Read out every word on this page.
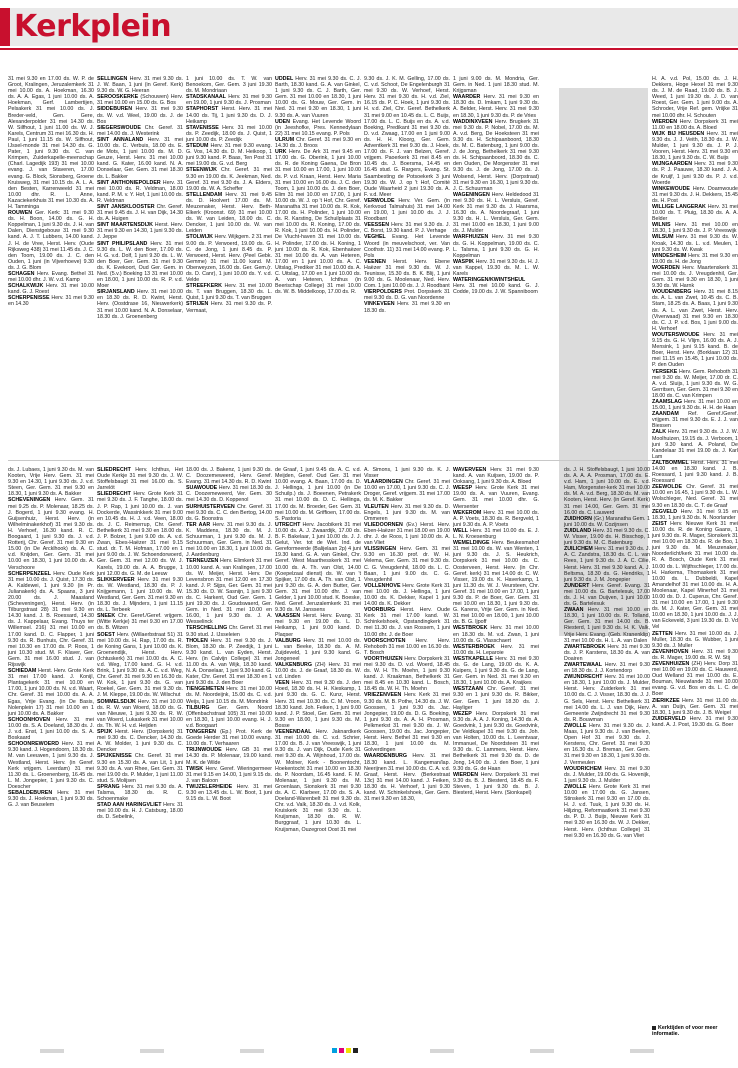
Kerkplein

31 mei 9.30 en 17.00 ds. W. P. de Groot, Kralingen, Jeruzalemkerk 31 mei 10.00 ds. A. Hoekman, 16.30 ds. A. A. Egas, 1 juni 10.00 ds. A. Hoekman, Gerf. Lambertijen, Pelsakerk 31 mei 10.00 ds. J. Breder-veld, Gen. Gere, Alexanderpolder 31 mei 14.30 ds. W. Silfhout, 1 juni 11.00 ds. W. J. Karels, Centrum 31 mei 16.30 ds. H. Paul, 1 juni 11.15 ds. W. Silfhout, IJssel-monde 31 mei 14.30 ds. G. Pater, 1 juni 9.30 ds. C. van Krimpen, Zuiderkapelle-meenschap (Charl. Lagedijk 193) 31 mei 10.00 evang. J. van Staveren, 17.00 evang. G. Block, Sionsberg, Groene Kruisweg, 31 mei 10.15 ds. A. L. A. den Besten, Karrenweeld 31 mei 10.00 dhr. R. L. Anne, Kazaciekerkhuis 31 mei 10.30 ds. A. H. Tamminga

ROUWEN Ger. Kerk: 31 mei 9.30 ds. H. Boon, 14.00 ds. G. H. Koppelman, 1 juni 9.30 ds. J. H. van Dalen, Dienstgebouw 31 mei 9.30 kand. A. J. T. Lubbers, 14.00 kand. J. H. de Vree, Herst. Herv. (Oude Rijksweg 438) 31 mei 11.45 ds. J. C. den Toom, 19.00 ds. J. C. den Ouden, 1 juni (in Vijverhoeve) 9.30 ds. J. G. Blom

SCHAGEN Herv. Evang. Bethel 31 mei 10.00 dhr. J. W. v.d. Kamp

SCHALKWIJK Herv. 31 mei 10.00 kand. G. J. Roest

SCHERPENISSE Herv. 31 mei 9.30 en 14.30

SELLINGEN Herv. 31 mei 9.30 ds. J. W. Baan, 1 juni (in Geref. Kerk) 9.30 ds. W. G. Heeran

SEROOSKERKE (Schouwen) Herv. 31 mei 10.00 en 15.00 ds. G. Bos

SIDDEBUREN Herv. 31 mei 9.30 ds. W. v.d. Weel, 19.00 ds. J. de Bos

SIEGERSWOUDE Chr. Geref. 31 mei 14.00 ds. J. Westerink

SINT ANNALAND Herv. 31 mei 10.00 ds. C. Verbuis, 18.00 ds. E. de Mots, 1 juni 10.00 ds. M. D. Geuze, Herst. Herv. 31 mei 10.00 kand. G. Kater, 16.00 kand. N. A. Donselaar, Ger. Gem. 31 mei 18.30 ds. L. Bakker

SINT ANTHONIEPOLDER Herv. 31 mei 10.00 ds. R. Veldman, 18.00 kand. P. M. v. Y. Hof, 1 juni 10.00 ds. R. Veldman

SINT JANSKLOOSTER Chr. Geref. 31 mei 9.45 ds. J. H. van Dijk, 14.30 ds. A. Huigen

SINT MAARTENSDIJK Herst. Herv. 31 mei 9.30 en 14.30, 1 juni 9.30 ds. J. Jeppe

SINT PHILIPSLAND Herv. 31 mei 9.30 ds. L. W. den Boer, 17.00 ds. H. G. v.d. Dolf, 1 juni 9.30 ds. L. W. den Boer, Ger. Gem. 31 mei 9.30 ds. K. Evekoort, Oud Ger. Gem. in Ned. (5.v.) Boeking 13 31 mei 10.00 en 18.00, 1 juni 10.00 ds. R. P. v.d. Moer

SIRJANSLAND Herv. 31 mei 10.00 en 18.30 ds. R. D. Kwint, Herst. Herv. (Oostdrase 16, Nieuwerkerk) 31 mei 10.00 kand. N. A. Donselaar, 18.30 ds. J. Groenenberg

1 juni 10.00 ds. T. W. van Benoekom, Ger. Gem. 3 juni 19.30 ds. M. Mondriaan

STADSKANAAL Herv. 31 mei 9.30 en 19.00, 1 juni 9.30 ds. J. Prosman

STAPHORST Herst. Herv. 31 mei 14.00 ds. Tij, 1 juni 9.30 ds. D. J. Heikamp

STAVENISSE Herv. 31 mei 10.00 ds. P. Zeedijk, 18.00 ds. J. Quist, 1 juni 10.00 ds. P. Zeedijk

STEDUM Herv. 31 mei 9.30 evang. G. Vos, 14.30 ds. D. M. Heikoop, 1 juni 9.30 kand. P. Baas, Ten Post 31 mei 19.00 ds. G. v.d. Berg

STEENWIJK Chr. Geref. 31 mei 9.30 en 19.00 ds. K. Jeekman, Ned. Geref. 31 mei 9.30 ds. J. A. Elders, 19.00 ds. W. A. Scheffer

STELLENDAM Herv. 31 mei 9.45 ds. D. Hoolvert 17.00 ds. M. Meuzenaker, Herst. Herv. Beth-Elkerk (Kroonst. 69) 31 mei 10.00 ds. W. van Leiden, 18.00 ds. C. Dencker, 1 juni 10.00 ds. W. van Leiden

STOLWIJK Herv. Wijkgem. 2 31 mei 9.00 ds. P. Verwoerd, 19.00 ds. G. C. de Jong, 1 juni 8.45 ds. P. Verwoerd, Herst. Herv. (Peel Gebk. Gemme) 31 mei 11.00 kand. M. Oberweyzen, 16.00 ds. Ger. Gem.(r. ds. D. Canr), 1 juni 10.00 ds. Y. v.d. Velde

STREEFKERK Herv. 31 mei 10.00 ds. T. van Bruggen, 18.30 ds. L. Quist, 1 juni 9.30 ds. T. van Bruggen

STRIJEN Herv. 31 mei 9.30 ds. P. Vermaat,

UDDEL Herv. 31 mei 9.30 ds. C. J. Barth, 18.30 kand. G. A. van Ginkel, 1 juni 9.30 ds. C. J. Barth, Ger. Gem. 31 mei 10.00 en 18.30, 1 juni 10.00 ds. G. Mouw, Ger. Gem. in Ned. 31 mei 9.30 en 18.30, 1 juni 9.30 ds. A. van Vuuren

UDEN Evang. Het Levende Woord (in Jeeshofke, Pres. Kennedylaan 22) 31 mei 10.15 evang. P. Pols

ULRUM Chr. Geref. 31 mei 9.30 en 14.30 ds. J. Broos

URK Herv. De Ark 31 mei 9.45 en 17.00 ds. G. Oberink, 1 juni 10.00 ds. R. de Koning Gaena, De Bron 31 mei 10.00 en 17.00, 1 juni 10.00 ds. P. v.d. Kraan, Herst. Herv. Maria 31 mei 10.00 en 16.00 ds. J. C. den Toom, 1 juni 10.00 ds. J. den Boer, Elim 31 mei 10.00 en 17.00, 1 juni 10.00 ds. W. J. op 't Hof, Chr. Geref. Maranatha 31 mei 10.00 ds. R. Kok, 17.00 ds. H. Polinder, 1 juni 10.00 ds. R. Karsting, De Schuilplaats 31 mei 10.00 ds. R. Koning, 17.00 ds. R. Kok, 1 juni 10.00 ds. H. Polinder, De Vlucht-haven 31 mei 10.00 ds. H. Polinder, 17.00 ds. H. Koning, 1 juni 10.00 ds. R. Kok, Ebenhaëzer 31 mei 10.00 ds. A. van Heteren, 17.00 en 1 juni 10.00 ds. A. C. Uitslag, Prediker 31 mei 10.00 ds. A. C. Uitslag, 17.00 en 1 juni 10.00 ds. A. van Heteren, Ichthus (in Beerischap College) 31 mei 10.00 ds. W. B. Middelkoop, 17.00 ds. R.

9.30 ds. J. K. M. Gelling, 17.00 ds. C. v.d. Schoot, De Engelenburgh 31 mei 9.30 ds. W. Verhoef, Herst. Herv. 31 mei 9.30 ds. H. v.d. Ziel, 16.15 ds. P. C. Hoek, 1 juni 9.30 ds. H. v.d. Ziel, Chr. Geref. Bethelkerk 31 mei 9.00 en 10.45 ds. L. C. Buijs, 17.00 ds. L. C. Buijs en ds. A. v.d. Boeking, Predikant 31 mei 9.30 ds. D. v.d. Zwaag, 17.00 en 1 juni 9.00 ds. H. H. Kloorg, Ger. Gem. Adventkerk 31 mei 9.30 ds. J. Hoek, 17.00 ds. F. J. van Belzen, Geref. vrijgem. Paoerkerk 31 mei 8.45 en 10.45 ds. J. Boersma, 14.45 en 16.45 stud. G. Rargers, Evang. St. Saambesting de Potsoekerk 3 juni 19.30 ds. W. J. op 't Hof, Comité Oude Waarheid 2 juni 19.30 ds. A. F. v.d. Meer

VERWOLDE Herv. Ver. Gem. (in Kerkvoud Talmahuis) 31 mei 14.00 en 19.00, 1 juni 10.00 ds. J. J. Roodbant

VEESSEN Herv. 31 mei 9.30 ds. J. C. Borst, 19.30 kand. P. J. Verhage

VEGHEL Evang. Het Levende Woord (in meuvelschoot, ver. Van Coothstr. 11) 31 mei 14.00 evang. P. Pols

VEENEN Herst. Herv. Ebene Haëzer 31 mei 9.30 ds. W. J. Teunisse, 15.30 ds. B. K. Blij, 1 juni 9.00 ds. G. Moolenaar, Ned. Herv. Com. 1 juni 10.00 ds. J. J. Roodbant

VIERPOLDERS Prot. Dorpskerk 31 mei 9.30 ds. D. G. van Noordenne

VINKEVEEN Herv. 31 mei 9.30 en 18.30 ds.

1 juni 9.00 ds. M. Mondria, Ger. Gem. in Ned. 1 juni 18.30 stud. M. Krijgsman

WAARDER Herv. 31 mei 9.30 en 18.30 ds. D. Imkam, 1 juni 9.30 ds. A. Belder, Herst. Herv. 31 mei 9.30 en 18.30, 1 juni 9.30 ds. P. de Vries

WADDINXVEEN Herv. Brugkerk 31 mei 9.30 ds. P. Nobel, 17.00 ds. M. A. v.d. Berg, De Hoeksteen 31 mei 9.30 ds. H. Schipaanboord, 18.30 ds. M. C. Batenburg, 1 juni 9.00 ds. J. de Jong, Bethelkerk 31 mei 9.30 ds. H. Schipaanboord, 18.30 ds. C. den Ouden, De Morgenster 31 mei 9.30 ds. J. de Jong, 17.00 ds. J. Wolsend, Herst. Herv. (Dorpstraat) 31 mei 9.30 en 16.30, 1 juni 9.30 ds. J. C. Schuurman

WAGENINGEN Herv. Heldedood 31 mei 9.30 ds. H. L. Versluis, Geref. Kerk 31 mei 9.30 ds. J. Haarsma, 16.30 ds. A. Noordegraaf, 1 juni 9.30 ds. H. L. Versluis, Ger. Gem. 31 mei 10.00 en 18.30, 1 juni 9.00 ds. J. Mulder

WARFHUIZEN Herv. 31 mei 9.30 ds. G. H. Koppelman, 19.00 ds. C. L. Talsma, 1 juni 9.30 ds. G. H. Koppelman

WASPIK Herv. 31 mei 9.30 ds. H. J. van Kappel, 19.30 ds. M. L. W. Karels

WATERINGEN/KWINTSHEUL Herv. 31 mei 10.00 kand. G. J. Codde, 19.00 ds. J. W. Spanniboom

H. A. v.d. Pol, 15.00 ds. J. H. Dekkers, Hoge Hexel 31 mei 9.30 ds. J. M. de Raad, 19.00 ds. B. J. Weed, 1 juni 19.30 ds. J. D. van Roest, Ger. Gem. 1 juni 9.00 ds. A. Schroder, Vrije Ref. gem. Vriijke 31 mei 10.00 dhr. H. Schouten

WIERDEN Herv. Dorpskerk 31 mei 11.00 en 18.00 ds. A. Bloed

WIJK BIJ HEUSDEN Herv. 31 mei 9.30 ds. J. J. Veith, 18.30 ds. J. W. Mulder, 1 juni 9.30 ds. J. P. J. Vooren, Herst. Herv. 31 mei 9.30 en 18.30, 1 juni 9.30 ds. C. W. Buijs

WIJNGAARDEN Herv. 31 mei 9.30 ds. P. J. Paauwe, 18.30 kand. J. A. de Kruijf, 1 juni 9.30 ds. P. J. v.d. Woerde

WINKEWOUDE Herv. Doarnwoude 31 mei 9.30 ds. J. H. Dekkers, 15.45 ds. H. Post

WILLIGE LANGERAK Herv. 31 mei 10.00 ds. T. Pluig, 18.30 ds. A. A. Belder

WILNIS Herv. 31 mei 10.00 en 18.30, 1 juni 9.30 ds. J. P. Vreeswijk

WILSUM Herv. 31 mei 9.30 ds. W. Kroak, 14.30 ds. L. v.d. Meulen, 1 juni 9.30 ds. W. Kwak

WINDESHEIM Herv. 31 mei 9.30 en 19.00 ds. H. de Jong

WOERDEN Herv. Maartenskerk 31 mei 10.00 ds. J. Vreugdenhil, Ger. Gem. 31 mei 9.30 en 18.30, 1 juni 9.30 ds. W. Harnk

WOUDENBERG Herv. 31 mei 8.15 ds. A. L. van Zwet, 10.45 ds. C. B. Stam, 18.25 ds. A. Baas, 1 juni 9.30 ds. A. L. van Zwet, Herst. Herv. (Viverwaad) 31 mei 9.30 en 18.30 ds. C. J. P. v.d. Bos, 1 juni 9.00 ds. H. Verhoef

WOUTERSWOUDE Herv. 31 mei 9.15 ds. G. H. Vlijm, 16.00 ds. A. J. Mensink, 1 juni 9.15 kand. B. de Boer, Herst. Herv. (Borklaan 12) 31 mei 11.15 en 15.45, 1 juni 10.00 ds. P. den Ouden

YERSEKE Herv. Gem. Rehoboth 31 mei 9.30 ds. W. Meijer, 17.00 dr. C. A. v.d. Sluijs, 1 juni 9.30 ds. W. G. Gerritsen, Ger. Gem. 31 mei 9.30 en 18.00 ds. C. van Krimpen

ZAAMSLAG Herv. 31 mei 10.00 en 15.00, 1 juni 9.30 ds. H. H. de Haan

ZAANDAM Ref. Geref./Geref. vrijgem. 31 mei 9.30 ds. E. J. J. van Biessen

ZALK Herv. 31 mei 9.30 ds. J. J. W. Moolhuizen, 19.15 ds. J. Verboom, 1 juni 9.30 kand. A. Poland, De Kandelaar 31 mei 19.00 ds. J. Karl Lam

ZALTBOMMEL Herst. Herv. 31 mei 14.00 en 18.30 kand. J. B. Roessard, 1 juni 9.30 kand. J. B. Roessard

ZEEWOLDE Chr. Geref. 31 mei 10.00 en 16.45, 1 juni 9.30 ds. L. W. Wolschleger, Ned. Geref. 31 mei 9.30 en 18.30 ds. C. T. de Graaf

ZEGVELD Herv. 31 mei 9.15 en 18.30, 1 juni 9.30 ds. N. Noorlander

ZEIST Herv. Nieuwe Kerk 31 mei 10.00 ds. R. de Koning Gaans, 1 juni 9.30 ds. R. Mager, Sionskerk 31 mei 10.00 en 18.30 ds. R. de Boo, 1 juni 9.30 ds. M. Meuzenaker, Noorderlicht/kerk 31 mei 10.00 ds. R. A. Bosch, Oude Kerk 31 mei 10.00 ds. L. Wijthschleger, 17.00 ds. H. Harkema, Thomaskerk 31 mei 10.00 ds. L. Dubbeldi, Kapel Amandelhof 31 mei 10.00 ds. H. A. Moolenaar, Kapel Minerhof 31 mei 10.00 ds. D. J. Cuperus, Chr. Geref. 31 mei 10.00 en 17.00, 1 juni 9.30 ds. M. J. Kater, Ger. Gem. 31 mei 10.00 en 18.30, 1 juni 10.00 ds. J. J. van Eckeveld, 3 juni 19.30 ds. D. Vd Vel

ZETTEN Herv. 31 mei 10.00 ds. J. Muller, 18.30 ds. G. Wubber, 1 juni 9.30 ds. J. Muller

ZEVENHOVEN Herv. 31 mei 9.30 ds. R. Mager, 19.00 ds. R. W. Stij

ZEVENHUIZEN (ZH) Herv. Dorp 31 mei 10.00 en 19.00 ds. C. Hauwerd, Oud Welland 31 mei 10.00 ds. E. Bouman, Nieuwlande 31 mei 10.00 evang. G. v.d. Bos en ds. L. C. de Boer

ZIERIKZEE Herv. 31 mei 11.00 ds. A. van Duijn, Ger. Gem. 31 mei 18.30, 1 juni 9.30 ds. J. B. Weigel

ZUIDERVELD Herv. 31 mei 9.30 kand. A. J. Post, 19.30 ds. G. Boer

ds. J. Lubaes, 1 juni 9.30 ds. M. van Kooten, Vrije Herv. Gem. 31 mei 9.30 en 14.30, 1 juni 9.30 ds. J. v.d. Steen, Ger. Gem. 31 mei 9.30 en 18.30, 1 juni 9.30 ds. A. Bakker

SCHEVENINGEN Herv. Gem. 31 mei 9.25 ds. P. Molenaar, 18.25 ds. J. Bogerd, 1 juni 9.30 evang. H. Guijsenhuiz, Herst. Herv. (in Wilhelminakerkhof) 31 mei 9.30 ds. H. Verhoef, 16.30 kand. R. C. Boogaard, 1 juni 9.30 ds. J. v.d. Rotterij, Chr. Geref. 31 mei 9.30 en 15.00 (in De Arcklhook) ds. A. C. v.d. Knijden, Ger. Gem. 31 mei 10.00 en 18.30, 1 juni 10.00 ds. A. Verschoore

SCHERPENZEEL Herv. Oude Kerk 31 mei 10.00 ds. J. Quist, 17.30 ds. A. Kaldewei, 1 juni 9.30 (in Pr. Julianakerk) ds. A. Spaans, 3 juni 20.00 ds. J. Maasland (Scheveningen), Herst. Herv. (in Tilburgstraat 28) 31 mei 9.30 en 14.30 kand. J. B. Roessard, 14.30 ds. J. Kappelaar, Evang. Thuys ter Willemsel. 216) 31 mei 10.00 en 17.00 kand. D. C. Flapper, 1 juni 9.30 ds. R. Bunhuis, Chr. Geref. 31 mei 10.30 en 17.00 ds. P. Roos, 1 juni 10.30 stud. M. F. Klaver, Ger. Gem. 31 mei 16.00 stud. J. van Rijswijk

SCHIEDAM Herst. Herv. Grote Kerk 31 mei 17.00 kand. J. Konijl, Plantagekerk 31 mei 10.00 en 17.00, 1 juni 10.00 ds. N. v.d. Waart, Chr. Geref. 31 mei 10.00 ds. A. A. Egas, Vrije Evang. (in De Basis, Nolenplein 17) 31 mei 10.00 en 1 juni 10.00 ds. A. Bakker

SCHOONHOVEN Herv. 31 mei 10.00 ds. S. A. Doeland, 18.30 ds. J. J. v.d. Enst, 1 juni 10.00 ds. S. A. Boskaard

SCHOONREWOERD Herv. 31 mei 9.30 kand. J. Hogendoorn, 18.30 ds. M. van Leeuwen, 1 juni 9.30 ds. J. Westland, Herst. Herv. (in Geref. Kerk vrijgem. Leerdam) 31 mei 11.30 ds. L. Groenenberg, 16.45 ds. L. M. Jongepier, 1 juni 9.30 ds. C. Doescher

SEBALDEBUREN Herv. 31 mei 9.30 ds. J. Hoekman, 1 juni 9.30 ds. G. J. van Beuselem

SLIEDRECHT Herv. Ichthus, Het Oude Kerkje 31 mei 9.30 ds. J. W. Stoffelsbaugt 31 mei 16.00 ds. S. Jarrelöt

SLIEDRECHT Herv. Grote Kerk 31 mei 9.30 ds. J. F. Tanghe, 18.00 ds. J. P. Rap, 1 juni 10.00 ds. J. van Dockerde, Wassinkkerk 31 mei 9.00 en 10.45 ds. H. J. v.d. Veen, 18.00 ds. J. C. Reimerrup, Chr. Geref. Bethelkerk 31 mei 9.30 en 18.00 ds. J. P. Bolzer, 1 juni 9.00 ds. A. v.d. Zwan, Ebes-Haëzer 31 mei 9.15 stud. dr. T. M. Hofman, 17.00 en 1 juni 9.00 ds. J. W. Schoendorwoerd, Ger. Gem. 31 mei 12.00 ds. W. J. Karels, 19.00 ds. A. A. Brugge, 1 juni 12.00 ds. G. M. de Leeuw

SLIKKERVEER Herv. 31 mei 9.30 ds. W. Westland, 18.30 ds. P. J. Knijgemann, 1 juni 10.00 ds. W. Westland, Ger. Gem. 31 mei 9.30 en 18.30 ds. J. Mijnders, 1 juni 11.15 ds. L. Terbeek

SNEEK Chr. Geref./Geref. vrijgem. (Witte Kerkje) 31 mei 9.30 en 17.00 ds. B. Witzen

SOEST Herv. (Willaerbstraat 51) 31 mei 10.00 ds. H. Rap, 17.00 ds. R. de Koning Gans, 1 juni 10.00 ds. K. Groenendijk, Herst. Herv. (Ichtuskerk) 31 mei 10.00 ds. A. C. v.d. Weg, 17.00 kand. G. H. v.d. Brink, 1 juni 9.30 ds. A. C. v.d. Weg, Chr. Geref. 31 mei 9.30 en 16.30 ds. W. Kok, 1 juni 9.30 ds. G. van Roekel, Ger. Gem. 31 mei 9.30 ds. J. M. Kleppe, 19.00 ds. W. Wilschut

SOMMELSDIJK Herv. 31 mei 10.00 ds. R. W. van Woerd, 18.00 ds. G. van Nieuwe, 1 juni 9.30 ds. R. W. van Woerd, Lukaskerk 31 mei 10.00 ds. Th. W. H. v.d. Heijden

SPIJK Herst. Herv. (Dorpskerk) 31 mei 9.30 ds. C. Dencker, 14.30 ds. A. W. Molder, 1 juni 9.30 ds. C. Dencker

SPIJKENISSE Chr. Geref. 31 mei 9.30 en 15.30 ds. A. van Lit, 1 juni 9.30 ds. A. van Rhee, Ger. Gem. 31 mei 19.00 ds. P. Mulder, 1 juni 11.00 stud. S. Molijsen

SPRANG Herv. 31 mei 9.30 ds. A. Talsma, 18.30 ds. R. C. Schoenmake

STAD AAN HARINGVLIET Herv. 31 mei 10.00 ds. H. J. Catsburg, 18.00 ds. D. Sebelink,

18.00 ds. J. Bakenz, 1 juni 9.30 ds. C. Doozemeweerd, Herv. Geref. Evang. 31 mei 14.30 ds. R. D. Kwint

SUAWOUDE Herv. 31 mei 18.30 ds. C. Doozemeweerd, Ver. Gem. 30 mei 14.30 ds. D. Koppenol

SURHUISTERVEEN Chr. Geref. 31 mei 9.30 ds. C. C. den Bertog, 14.00 ds. G. Boonstra

TER AAR Herv. 31 mei 9.30 ds. J. K. Maddens, 18.30 ds. M. J. Schuurman, 1 juni 9.30 ds. M. J. Schuurman, Ger. Gem. in Ned. 31 mei 10.00 en 18.30, 1 juni 10.00 ds. J. Aardenburg

TERNEUZEN Herv. Elimkerk 31 mei 10.00 kand. A. van Kralingen, 17.00 ds. W. Meijer, Herst. Herv. De Levensbron 31 mei 12.00 en 17.30 kand. J. P. Sijps, Ger. Gem. 31 mei 15.30 ds. D. W. Sasnijn, 1 juni 9.30 ds. C. Harkent, Oud Ger. Gem. 1 juni 19.30 ds. J. Goudswaerd, Ger. Gem. in Ned. 31 mei 10.00 en 16.00, 1 juni 9.30 ds. J. A. Wesselinck

TERSCHELLING Chr. Geref. 31 mei 9.30 stud. J. IJsseleien

THOLEN Herv. 31 mei 9.30 ds. J. Blom, 18.30 ds. P. Zeedijk, 1 juni 9.30 kand. L. van Eyden, Herst. Herv. (in Calvijn College) 31 mei 11.00 ds. A. van Wijk, 18.30 kand. N. A. Donselaar, 1 juni 9.30 kand. G. Kater, Chr. Geref. 31 mei 18.30 en 1 juni 9.30 ds. J. den Boer

TIENGEMETEN Herv. 31 mei 10.00 ds. M. Noordeijnk, 15.00 ds. C. v.d. Weijs, 1 juni 10.15 ds. M. Mondrink

TILBURG Ger. Gem. Noord (Offenbachstraat 105) 31 mei 10.00 en 18.30, 1 juni 10.00 evang. H. J. v.d. Boogaart

TONGEREN (Ep.) Prot. Kerk de Goede Herder 31 mei 10.00 evang. 10.00 ds. T. Verhaaren

TRIJNWOUDE Herv. GB 31 mei 14.30 ds. P. Molenaar, 19.00 kand. M. K. de Wilde

TWISK Herv. Geref. Wieringermeer 31 mei 9.15 en 14.00, 1 juni 9.15 ds. J. van Baloon

TWIJZELERHEIDE Herv. 31 mei 9.30 en 13.45 ds. L. W. Boot, 1 juni 9.15 ds. L. W. Boot

de Graaf, 1 juni 9.45 ds. A. C. v.d. Meijden, Geref. Oud Ger. 31 mei 10.00 evang. A. Baan, 17.00 ds. D. J. Hellinga, 1 juni 10.00 (in De Schuilp.) ds. J. Boeenen, Petrakerk 31 mei 10.00 ds. D. C. Hellinga, 17.00 ds. M. Broeder, Ger. Gem. 31 mei 10.00 ds. M. Griffioen, 17.00 ds. S. Pastoria

UTRECHT Herv. Jacobikerk 31 mei 10.00 ds. A. J. Zwaardijk, 17.00 ds. B. F. Bakelaar, 1 juni 10.00 ds. J. J. Gelut, Ver. tot de Wet. Ind. de Gereformeerde (Balijelaan 2p) 4 juni 19.30 kand. G. A. van Ginkel, Chr. Geref. West Maarthesskerk 31 mei 10.00 ds. A. Th. van Olst, 14.00 (Koepelzaal dienst) ds. W. van 't Spijker, 17.00 ds. A. Th. van Olst, 1 juni 9.30 ds. G. A. den Butter, Ger. Gem. 31 mei 10.00 dhr. J. van Gelder, 1 juni 10.00 stud. K. Boeske, Ned. Geref. Jeruzalemkerk 31 mei 9.30 ds. M. Janssens

VAASSEN Herst. Herv. Evang. 31 mei 9.30 en 19.00 ds. L. D. Heikamp, 1 juni 9.00 kand. D. Plaqser

VALBURG Herv. 31 mei 10.00 ds. L. van Beeke, 18.30 ds. A. M. Zuijdeveld, 1 juni 9.30 kand. G. Jongeneel

VALKENBURG (ZH) Herv. 31 mei 10.00 ds. J. de Graaf, 18.30 ds. W. v.d. Linden

VEEN Herv. 31 mei 9.30 ds. J. den Hoed, 18.30 ds. H. H. Kieskamp, 1 juni 9.30 ds. G. C. Kunz, Herst. Herv. 31 mei 10.30 ds. C. M. Vroon, 18.30 kand. Joh. Feiken, 1 juni 9.00 kand. J. P. Stoel, Ger. Gem. 31 mei 9.30 en 18.00, 1 juni 9.30 ds. M. Bosse

VEENENDAAL Herv. Jaknardkerk 31 mei 10.00 ds. C. v.d. Schrier, 17.00 ds. B. J. van Vreeswijk, 1 juni 9.30 ds. J. van Dijk, Oude Kerk 31 mei 9.30 ds. A. Wijnhoud, 17.00 ds. W. Molner, Kerk - Boonentocht, Hoekentocht 31 mei 10.00 en 18.30 ds. P. Noordam, 16.45 kand. F. M. Molenaar, 1 juni 9.30 ds. M. Groenlaan, Sionskerk 31 mei 9.30 ds. A. C. Klarbeer, 17.00 ds. S. A. Doeland-Warenbelt 31 mei 9.30 ds. Chr. v.d. Valk, 18.30 ds. J. v.d. Kolk, Kruiskerk 31 mei 9.30 ds. L. Kruijsman, 18.30 ds. R. W. Burggraaf, 1 juni 10.30 ds. L. Kruijsman, Ouzegroot Oost 31 mei

A. Simons, 1 juni 9.30 ds. K. J. Visser

VLAARDINGEN Chr. Geref. 31 mei 10.00 en 17.00, 1 juni 9.30 ds. C. J. Droger, Geref. vrijgem. 31 mei 17.00 ds. M. K. Bakker

VLEUTEN Herv. 31 mei 9.30 ds. D. Engels, 1 juni 9.30 ds. M. van Ommeren

VLIEDOORNEN (Ev.) Herst. Herv. Eben-Haëzer 31 mei 18.00 en 19.00 dhr. J. de Roos, 1 juni 10.00 ds. A. van Vliet

VLISSINGEN Herv. Gem. 31 mei 9.30 en 16.30 prof. dr. W. H. Velema, Ger. Gem. 31 mei 9.30 ds. C. G. Vreugdenhil, 18.00 ds. L. C. Baan, 1 juni 9.00 ds. C. G. Vreugdenhil

VOLLENHOVE Herv. Grote Kerk 31 mei 10.00 ds. J. Hellinga, 1 juni 10.00 ds. K. Dekker, Kapel 1 juni 14.00 ds. K. Dekker

VOORBURG Herst. Herv. Oude Kerk 31 mei 17.00 kand. W. Schinkelshoek, Opstandingkerk 31 mei 11.30 ds. J. van Rossem, 1 juni 10.00 dhr. J. de Boer

VOORSCHOTEN Herv. Herv. Rehoboth 31 mei 10.00 en 16.30 ds. T. Bosch

VOORTHUIZEN Herv. Dorpskerk 31 mei 9.30 ds. D. v.d. Woerd, 18.45 ds. W. H. Th. Moehn, 1 juni 9.30 kand. J. Kraakman, Bethelkerk 31 mei 8.45 en 10.30 kand. L. Bosch, 18.45 ds. W. H. Th. Moehn

VRIEZENVEEN Herv. Kerk 31 mei 9.30 ds. M. B. Pothe, 14.30 ds. J. W. Goossen, 1 juni 9.30 ds. Jac. Jongepier, 19.00 ds. D. G. Boeking, 1 juni 9.30 ds. A. A. H. Prosman, Pelkmerkst 31 mei 9.30 ds. J. W. Goossen, 19.00 ds. Jac. Jongepier, Herst. Herv. Bethel 31 mei 9.30 en 18.30, 1 juni 10.00 ds. M. Golverdingen

WAARDENBURG Herv. 31 mei 18.30 kand. L. Kangeman/lap. Neerijnen 31 mei 10.00 ds. C. A. v.d. Graaf, Herst. Herv. (Berkestraat 13c) 31 mei 14.00 kand. J. Feiken, 18.30 ds. H. Verhoef, 1 juni 9.30 kand. W. Schinkelshoek, Ger. Gem. 31 mei 9.30 en 18.30,

WAVERVEEN Herv. 31 mei 9.30 kand. A. van Kuijsen, 19.00 ds. P. Ooksang, 1 juni 9.30 ds. A. Bloed

WEESP Herv. Grote Kerk 31 mei 19.00 ds. A. van Vuuren, Evang. Gem. 31 mei 10.00 dhr. G. Wiersenter

WEKEROM Herv. 31 mei 10.00 ds. A. P. Voets, 18.30 ds. R. Bergveld, 1 juni 9.30 ds. A. P. Voets

WELL Herv. 31 mei 10.00 ds. E. J. L. N. Kroesenburg

WEMELDINGE Herv. Beukesmahof 31 mei 10.00 ds. W. van Wenten, 1 juni 9.30 ds. J. S. Heukrich, Dorpskerk 31 mei 10.00 ds. C. Oosterveen, Herst. Herv. (in Chr. Geref. kerk) 31 mei 14.00 dr. C. W. Visser, 19.00 ds. K. Haverkamp, 1 juni 11.30 ds. W. J. Veursteen, Chr. Geref. 31 mei 10.00 en 17.00, 1 juni 9.30 ds. P. de Boer, Ger. Gem. 31 mei 10.00 en 18.30, 1 juni 9.30 ds. G. Karens, Vrije Ger. Gem. in Ned. 31 mei 10.00 en 18.00, 1 juni 10.00 ds. B. G. Ijpoff

WESTBROEK Herv. 31 mei 10.00 en 18.30 ds. M. v.d. Zwan, 1 juni 10.00 ds. G. Vlasschaert

WESTERBROEK Herv. 31 mei 10.00 ds. H. Leparoie

WESTKAPELLE Herv. 31 mei 9.30 ds. G. de Lang, 19.00 ds. K. A. Kuipers, 1 juni 9.30 ds. G. de Lang, Ger. Gem. in Ned. 31 mei 9.30 en 18.30, 1 juni 10.00 ds. A. Kraijkes

WESTZAAN Chr. Geref. 31 mei 9.30 en 1 juni 9.30 ds. R. Bikker, Ger. Gem. 1 juni 18.30 ds. J. Hayliger

WEZEP Herv. Dorpskerk 31 mei 9.30 ds. A. A. J. Koning, 14.30 ds. A. Goedvink, 1 juni 9.30 ds. Goedvink, De Veldkapel 31 mei 9.30 ds. Joh. van Holten, 10.00 ds. L. Leentvaar, Immanuel, De Noordsteen 31 mei 9.30 ds. C. Lammers, Herst. Herv. Bethelkerk 31 mei 9.30 ds. D. de Jong, 14.00 ds. J. den Boer, 1 juni 9.30 ds. G. de Haan

WIERDEN Herv. Dorpskerk 31 mei 9.30 ds. B. J. Biesterd, 18.45 ds. F. Steven, 1 juni 9.30 ds. B. J. Biesterd, Herst. Herv. (Sionkapel)

ds. J. H. Stoffelsbaugt, 1 juni 10.00 ds. A. A. A. Prosman, 17.00 ds. E. v.d. Ham, 1 juni 10.00 ds. E. v.d. Ham, Morgenster-kerk 31 mei 10.00 ds. M. A. v.d. Berg, 18.30 ds. M. van Kooten, Herst. Herv. (in Geref. Kerk) 31 mei 14.00, Ger. Gem. 31 mei 16.00 ds. C. Lauwerd

ZUIDHORN (Gr.) Maranatha Gem. 1 juni 10.00 ds. W. Cozijnsen

ZUIDLAND Herv. 31 mei 9.30 ds. C. W. Visser, 19.00 ds. H. Bisschop, 1 juni 9.30 ds. M. C. Batenburg

ZUILICHEM Herv. 31 mei 9.30 ds. J. A. C. Zandstra, 18.30 ds. C. L. van Rees, 1 juni 9.30 ds. J. A. C. Cilie, Herst. Herv. 31 mei 9.30 kand. A. J. Beltsma, 18.30 ds. G. Hendriks, 1 juni 9.30 ds. J. M. Jongepier

ZUNDERT Herv. Geref. Evang. 31 mei 10.00 ds. G. Bartelesuk, 17.00 ds. J. H. van Duijven, 1 juni 10.00 ds. G. Bartelesuk

ZWAAN Herv. 31 mei 10.00 en 18.30, 1 juni 10.00 ds. R. Tolland, Ger. Gem. 31 mei 14.00 ds. B. Riesterd, 1 juni 9.30 ds. H. K. Valk, Vrije Herv. Evang. (Geb. Kranenklip) 31 mei 10.00 ds. H. L. A. van Dalen

ZWARTEBROEK Herv. 31 mei 9.30 ds. J. P. Karstens, 18.30 ds. A. van Doairen

ZWARTEWAAL Herv. 31 mei 9.30 en 18.30 ds. J. J. Kortendorp

ZWIJNDRECHT Herv. 31 mei 10.00 en 18.30, 1 juni 10.00 ds. J. Mulder, Herst. Herv. Zuiderkerk 31 mei 10.00 ds. C. J. Visser, 18.30 ds. J. J. G. Sels, Herst. Herv. Bethelkerk 31 mei 14.00 ds. L. J. van Dijk, Herv. Gemeente Zwijndrecht 31 mei 9.30 ds. R. Bouwman

ZWOLLE Herv. 31 mei 9.30 ds. J. Maas, 1 juni 9.30 ds. J. van Beelen, Open Hof 31 mei 9.30 ds. J. Kerstens, Chr. Geref. 31 mei 9.30 en 16.30 ds. J. Breman, Ger. Gem. 31 mei 9.30 en 18.30, 1 juni 9.30 ds. J. Vermeulen

WOUDRICHEM Herv. 31 mei 9.30 ds. J. Mulder, 19.00 ds. G. Hovenijk, 1 juni 9.30 ds. J. Mulder

ZWOLLE Herv. Grote Kerk 31 mei 10.00 en 17.00 ds. G. Jansen, Stinskerk 31 mei 9.30 en 17.00 ds. H. J. v.d. Tuuk, 1 juni 9.30 ds. H. Hiljzing, Reformaatkerk 31 mei 9.30 ds. P. D. J. Buijs, Nieuwe Kerk 31 mei 9.30 en 16.30 ds. W. J. Dekker, Herst. Herv. (Ichthus College) 31 mei 9.30 en 16.30 ds. G. van Vliet

Kerktijden of voor meer informatie.
